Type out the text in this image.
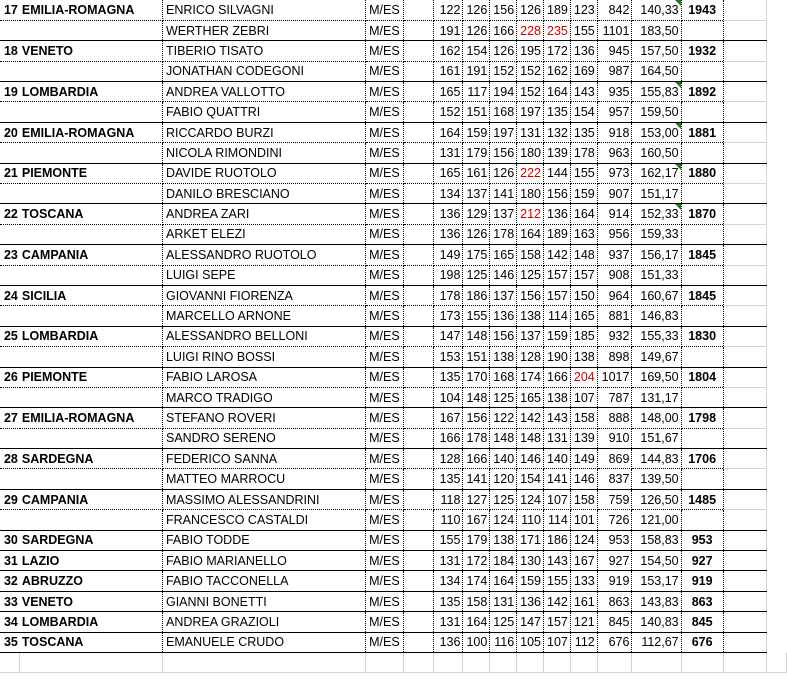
17	EMILIA-ROMAGNA	ENRICO SILVAGNI	M/ES		122	126	156	126	189	123	842	140,33	1943		
		WERTHER ZEBRI	M/ES		191	126	166	228	235	155	1101	183,50			
18	VENETO	TIBERIO TISATO	M/ES		162	154	126	195	172	136	945	157,50	1932		
		JONATHAN CODEGONI	M/ES		161	191	152	152	162	169	987	164,50			
19	LOMBARDIA	ANDREA VALLOTTO	M/ES		165	117	194	152	164	143	935	155,83	1892		
		FABIO QUATTRI	M/ES		152	151	168	197	135	154	957	159,50			
20	EMILIA-ROMAGNA	RICCARDO BURZI	M/ES		164	159	197	131	132	135	918	153,00	1881		
		NICOLA RIMONDINI	M/ES		131	179	156	180	139	178	963	160,50			
21	PIEMONTE	DAVIDE RUOTOLO	M/ES		165	161	126	222	144	155	973	162,17	1880		
		DANILO BRESCIANO	M/ES		134	137	141	180	156	159	907	151,17			
22	TOSCANA	ANDREA ZARI	M/ES		136	129	137	212	136	164	914	152,33	1870		
		ARKET ELEZI	M/ES		136	126	178	164	189	163	956	159,33			
23	CAMPANIA	ALESSANDRO RUOTOLO	M/ES		149	175	165	158	142	148	937	156,17	1845		
		LUIGI SEPE	M/ES		198	125	146	125	157	157	908	151,33			
24	SICILIA	GIOVANNI FIORENZA	M/ES		178	186	137	156	157	150	964	160,67	1845		
		MARCELLO ARNONE	M/ES		173	155	136	138	114	165	881	146,83			
25	LOMBARDIA	ALESSANDRO BELLONI	M/ES		147	148	156	137	159	185	932	155,33	1830		
		LUIGI RINO BOSSI	M/ES		153	151	138	128	190	138	898	149,67			
26	PIEMONTE	FABIO LAROSA	M/ES		135	170	168	174	166	204	1017	169,50	1804		
		MARCO TRADIGO	M/ES		104	148	125	165	138	107	787	131,17			
27	EMILIA-ROMAGNA	STEFANO ROVERI	M/ES		167	156	122	142	143	158	888	148,00	1798		
		SANDRO SERENO	M/ES		166	178	148	148	131	139	910	151,67			
28	SARDEGNA	FEDERICO SANNA	M/ES		128	166	140	146	140	149	869	144,83	1706		
		MATTEO MARROCU	M/ES		135	141	120	154	141	146	837	139,50			
29	CAMPANIA	MASSIMO ALESSANDRINI	M/ES		118	127	125	124	107	158	759	126,50	1485		
		FRANCESCO CASTALDI	M/ES		110	167	124	110	114	101	726	121,00			
30	SARDEGNA	FABIO TODDE	M/ES		155	179	138	171	186	124	953	158,83	953		
31	LAZIO	FABIO MARIANELLO	M/ES		131	172	184	130	143	167	927	154,50	927		
32	ABRUZZO	FABIO TACCONELLA	M/ES		134	174	164	159	155	133	919	153,17	919		
33	VENETO	GIANNI BONETTI	M/ES		135	158	131	136	142	161	863	143,83	863		
34	LOMBARDIA	ANDREA GRAZIOLI	M/ES		131	164	125	147	157	121	845	140,83	845		
35	TOSCANA	EMANUELE CRUDO	M/ES		136	100	116	105	107	112	676	112,67	676		
